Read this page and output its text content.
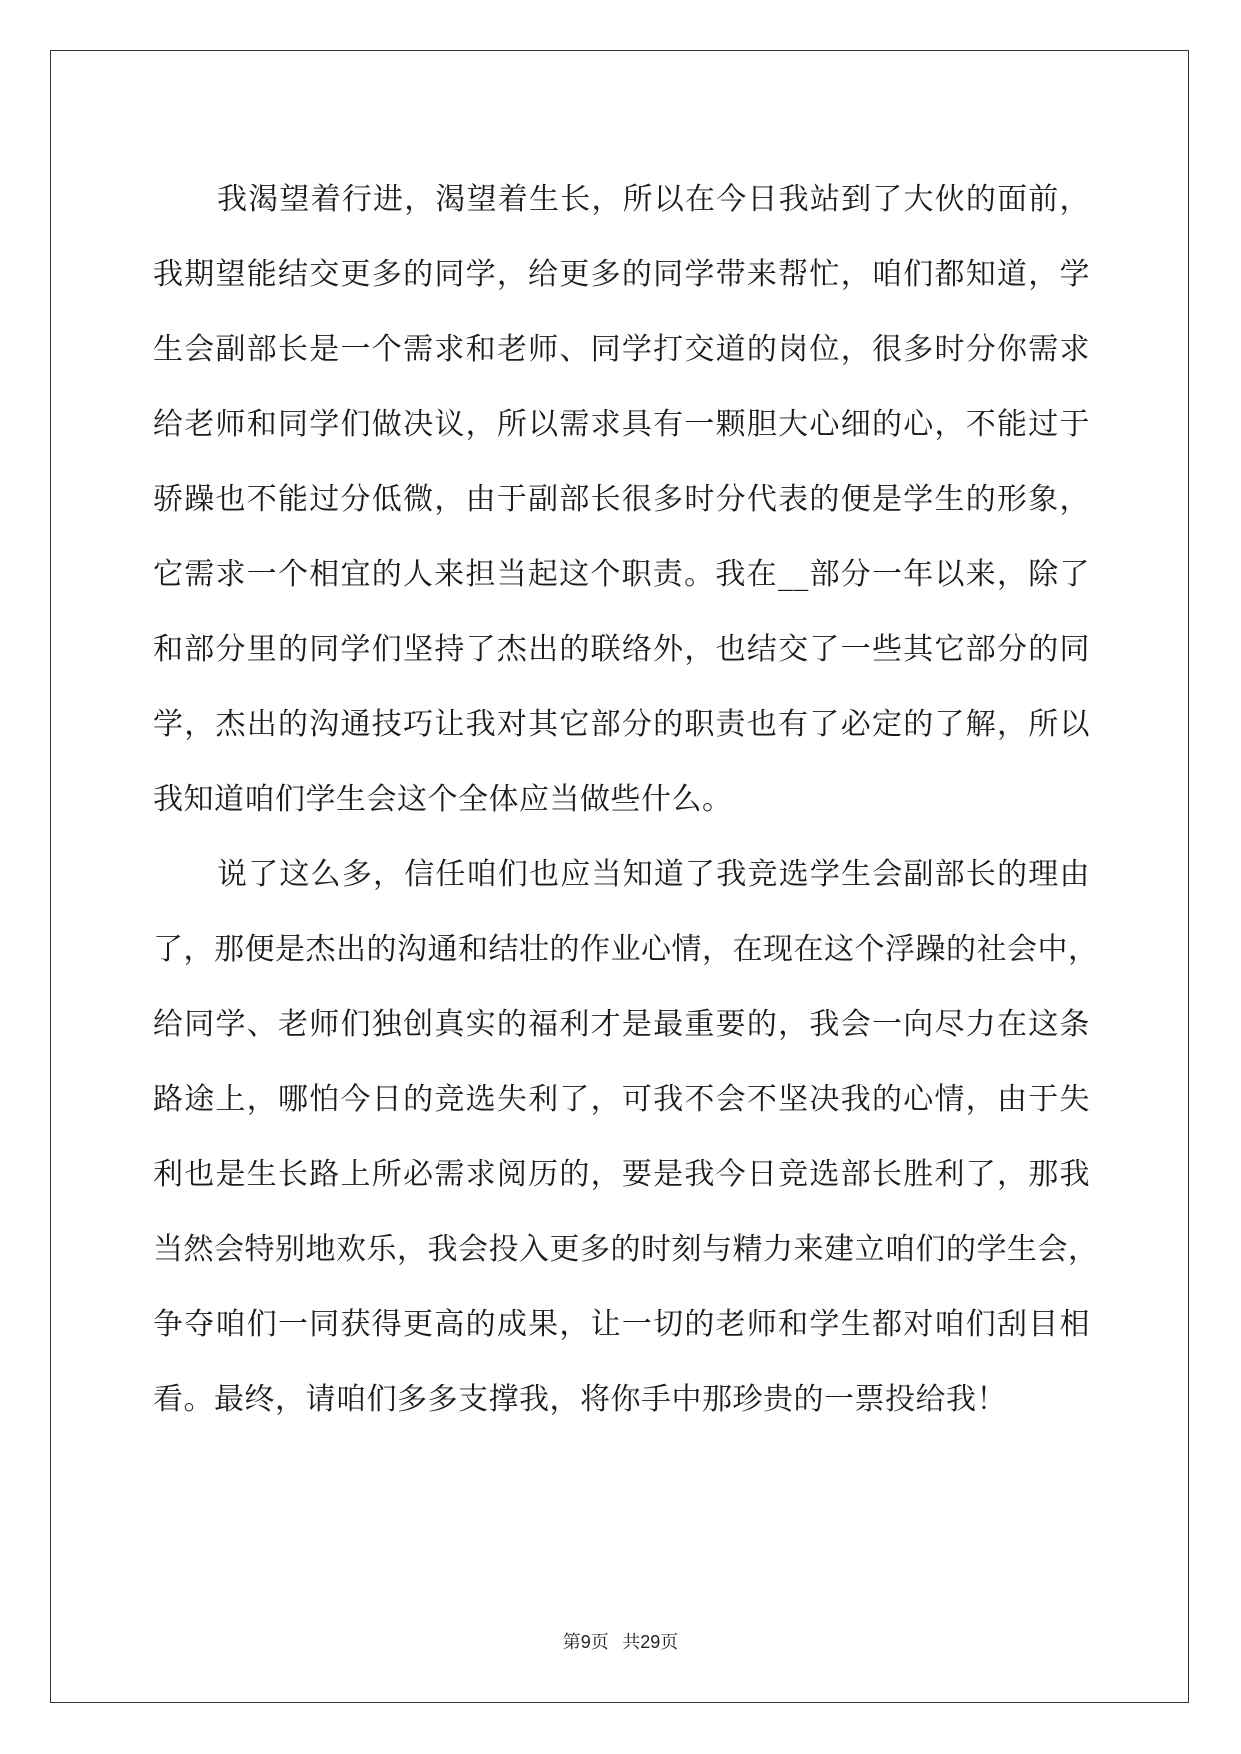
我渴望着行进，渴望着生长，所以在今日我站到了大伙的面前，
我期望能结交更多的同学，给更多的同学带来帮忙，咱们都知道，学
生会副部长是一个需求和老师、同学打交道的岗位，很多时分你需求
给老师和同学们做决议，所以需求具有一颗胆大心细的心，不能过于
骄躁也不能过分低微，由于副部长很多时分代表的便是学生的形象，
它需求一个相宜的人来担当起这个职责。我在__部分一年以来，除了
和部分里的同学们坚持了杰出的联络外，也结交了一些其它部分的同
学，杰出的沟通技巧让我对其它部分的职责也有了必定的了解，所以
我知道咱们学生会这个全体应当做些什么。

说了这么多，信任咱们也应当知道了我竞选学生会副部长的理由
了，那便是杰出的沟通和结壮的作业心情，在现在这个浮躁的社会中，
给同学、老师们独创真实的福利才是最重要的，我会一向尽力在这条
路途上，哪怕今日的竞选失利了，可我不会不坚决我的心情，由于失
利也是生长路上所必需求阅历的，要是我今日竞选部长胜利了，那我
当然会特别地欢乐，我会投入更多的时刻与精力来建立咱们的学生会，
争夺咱们一同获得更高的成果，让一切的老师和学生都对咱们刮目相
看。最终，请咱们多多支撑我，将你手中那珍贵的一票投给我！

第9页 共29页
